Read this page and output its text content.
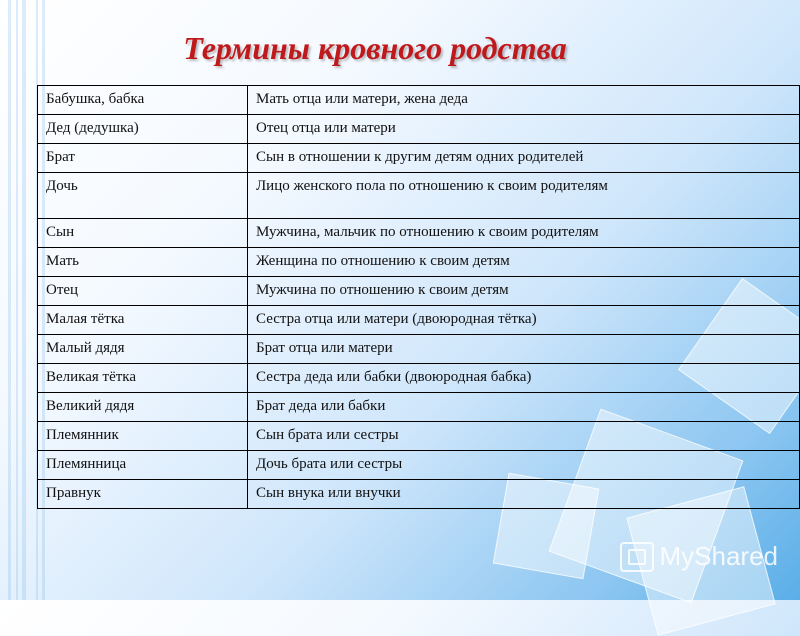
Термины кровного родства
Бабушка, бабка	Мать отца или матери, жена деда
Дед (дедушка)	Отец отца или матери
Брат	Сын в отношении к другим детям одних родителей
Дочь	Лицо женского пола по отношению к своим родителям
Сын	Мужчина, мальчик по отношению к своим родителям
Мать	Женщина по отношению к своим детям
Отец	Мужчина по отношению к своим детям
Малая тётка	Сестра отца или матери (двоюродная тётка)
Малый дядя	Брат отца или матери
Великая тётка	Сестра деда или бабки (двоюродная бабка)
Великий дядя	Брат деда или бабки
Племянник	Сын брата или сестры
Племянница	Дочь брата или сестры
Правнук	Сын внука или внучки
MyShared
